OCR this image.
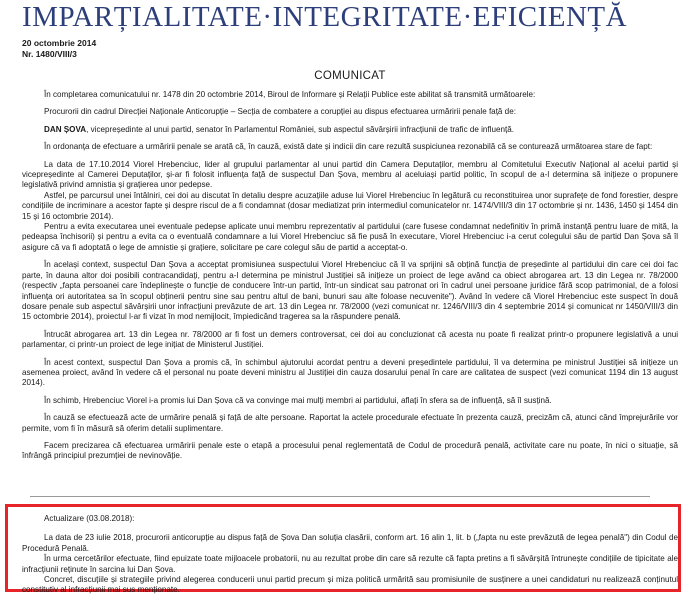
IMPARȚIALITATE·INTEGRITATE·EFICIENȚĂ
20 octombrie 2014
Nr. 1480/VIII/3
COMUNICAT

În completarea comunicatului nr. 1478 din 20 octombrie 2014, Biroul de Informare și Relații Publice este abilitat să transmită următoarele:

Procurorii din cadrul Direcției Naționale Anticorupție – Secția de combatere a corupției au dispus efectuarea urmăririi penale față de:

DAN ȘOVA, vicepreședinte al unui partid, senator în Parlamentul României, sub aspectul săvârșirii infracțiunii de trafic de influență.

În ordonanța de efectuare a urmăririi penale se arată că, în cauză, există date și indicii din care rezultă suspiciunea rezonabilă că se conturează următoarea stare de fapt:

La data de 17.10.2014 Viorel Hrebenciuc, lider al grupului parlamentar al unui partid din Camera Deputaților, membru al Comitetului Executiv Național al acelui partid și vicepreședinte al Camerei Deputaților, și-ar fi folosit influența față de suspectul Dan Șova, membru al aceluiași partid politic, în scopul de a-l determina să inițieze o propunere legislativă privind amnistia și grațierea unor pedepse.

Astfel, pe parcursul unei întâlniri, cei doi au discutat în detaliu despre acuzațiile aduse lui Viorel Hrebenciuc în legătură cu reconstituirea unor suprafețe de fond forestier, despre condițiile de incriminare a acestor fapte și despre riscul de a fi condamnat (dosar mediatizat prin intermediul comunicatelor nr. 1474/VIII/3 din 17 octombrie și nr. 1436, 1450 și 1454 din 15 și 16 octombrie 2014).

Pentru a evita executarea unei eventuale pedepse aplicate unui membru reprezentativ al partidului (care fusese condamnat nedefinitiv în primă instanță pentru luare de mită, la pedeapsa închisorii) și pentru a evita ca o eventuală condamnare a lui Viorel Hrebenciuc să fie pusă în executare, Viorel Hrebenciuc i-a cerut colegului său de partid Dan Șova să îl asigure că va fi adoptată o lege de amnistie și grațiere, solicitare pe care colegul său de partid a acceptat-o.

În același context, suspectul Dan Șova a acceptat promisiunea suspectului Viorel Hrebenciuc că îl va sprijini să obțină funcția de președinte al partidului din care cei doi fac parte, în dauna altor doi posibili contracandidați, pentru a-l determina pe ministrul Justiției să inițieze un proiect de lege având ca obiect abrogarea art. 13 din Legea nr. 78/2000 (respectiv „fapta persoanei care îndeplinește o funcție de conducere într-un partid, într-un sindicat sau patronat ori în cadrul unei persoane juridice fără scop patrimonial, de a folosi influența ori autoritatea sa în scopul obținerii pentru sine sau pentru altul de bani, bunuri sau alte foloase necuvenite"). Având în vedere că Viorel Hrebenciuc este suspect în două dosare penale sub aspectul săvârșirii unor infracțiuni prevăzute de art. 13 din Legea nr. 78/2000 (vezi comunicat nr. 1246/VIII/3 din 4 septembrie 2014 și comunicat nr 1450/VIII/3 din 15 octombrie 2014), proiectul l-ar fi vizat în mod nemijlocit, împiedicând tragerea sa la răspundere penală.

Întrucât abrogarea art. 13 din Legea nr. 78/2000 ar fi fost un demers controversat, cei doi au concluzionat că acesta nu poate fi realizat printr-o propunere legislativă a unui parlamentar, ci printr-un proiect de lege inițiat de Ministerul Justiției.

În acest context, suspectul Dan Șova a promis că, în schimbul ajutorului acordat pentru a deveni președintele partidului, îl va determina pe ministrul Justiției să inițieze un asemenea proiect, având în vedere că el personal nu poate deveni ministru al Justiției din cauza dosarului penal în care are calitatea de suspect (vezi comunicat 1194 din 13 august 2014).

În schimb, Hrebenciuc Viorel i-a promis lui Dan Șova că va convinge mai mulți membri ai partidului, aflați în sfera sa de influență, să îl susțină.

În cauză se efectuează acte de urmărire penală și față de alte persoane. Raportat la actele procedurale efectuate în prezenta cauză, precizăm că, atunci când împrejurările vor permite, vom fi în măsură să oferim detalii suplimentare.

Facem precizarea că efectuarea urmăririi penale este o etapă a procesului penal reglementată de Codul de procedură penală, activitate care nu poate, în nici o situație, să înfrângă principiul prezumției de nevinovăție.

Actualizare (03.08.2018):

La data de 23 iulie 2018, procurorii anticorupție au dispus față de Șova Dan soluția clasării, conform art. 16 alin 1, lit. b („fapta nu este prevăzută de legea penală") din Codul de Procedură Penală.

În urma cercetărilor efectuate, fiind epuizate toate mijloacele probatorii, nu au rezultat probe din care să rezulte că fapta pretins a fi săvârșită întrunește condițiile de tipicitate ale infracțiunii reținute în sarcina lui Dan Șova.

Concret, discuțiile și strategiile privind alegerea conducerii unui partid precum și miza politică urmărită sau promisiunile de susținere a unei candidaturi nu realizează conținutul constitutiv al infracțiunii mai sus menționate.
